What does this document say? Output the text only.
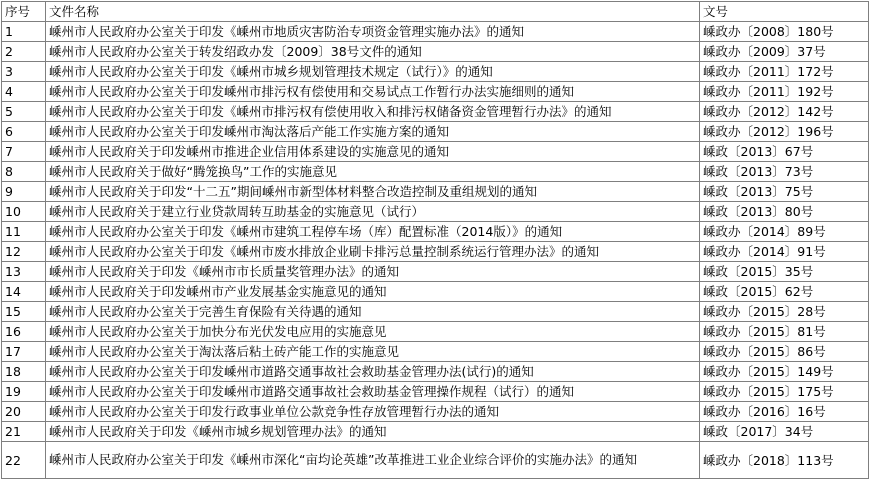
序号	文件名称	文号
1	嵊州市人民政府办公室关于印发《嵊州市地质灾害防治专项资金管理实施办法》的通知	嵊政办〔2008〕180号
2	嵊州市人民政府办公室关于转发绍政办发〔2009〕38号文件的通知	嵊政办〔2009〕37号
3	嵊州市人民政府办公室关于印发《嵊州市城乡规划管理技术规定（试行）》的通知	嵊政办〔2011〕172号
4	嵊州市人民政府办公室关于印发嵊州市排污权有偿使用和交易试点工作暂行办法实施细则的通知	嵊政办〔2011〕192号
5	嵊州市人民政府办公室关于印发《嵊州市排污权有偿使用收入和排污权储备资金管理暂行办法》的通知	嵊政办〔2012〕142号
6	嵊州市人民政府办公室关于印发嵊州市淘汰落后产能工作实施方案的通知	嵊政办〔2012〕196号
7	嵊州市人民政府关于印发嵊州市推进企业信用体系建设的实施意见的通知	嵊政〔2013〕67号
8	嵊州市人民政府关于做好“腾笼换鸟”工作的实施意见	嵊政〔2013〕73号
9	嵊州市人民政府关于印发“十二五”期间嵊州市新型体材料整合改造控制及重组规划的通知	嵊政〔2013〕75号
10	嵊州市人民政府关于建立行业贷款周转互助基金的实施意见（试行）	嵊政〔2013〕80号
11	嵊州市人民政府办公室关于印发《嵊州市建筑工程停车场（库）配置标准（2014版）》的通知	嵊政办〔2014〕89号
12	嵊州市人民政府办公室关于印发《嵊州市废水排放企业刷卡排污总量控制系统运行管理办法》的通知	嵊政办〔2014〕91号
13	嵊州市人民政府关于印发《嵊州市市长质量奖管理办法》的通知	嵊政〔2015〕35号
14	嵊州市人民政府关于印发嵊州市产业发展基金实施意见的通知	嵊政〔2015〕62号
15	嵊州市人民政府办公室关于完善生育保险有关待遇的通知	嵊政办〔2015〕28号
16	嵊州市人民政府办公室关于加快分布光伏发电应用的实施意见	嵊政办〔2015〕81号
17	嵊州市人民政府办公室关于淘汰落后粘土砖产能工作的实施意见	嵊政办〔2015〕86号
18	嵊州市人民政府办公室关于印发嵊州市道路交通事故社会救助基金管理办法(试行)的通知	嵊政办〔2015〕149号
19	嵊州市人民政府办公室关于印发嵊州市道路交通事故社会救助基金管理操作规程（试行）的通知	嵊政办〔2015〕175号
20	嵊州市人民政府办公室关于印发行政事业单位公款竞争性存放管理暂行办法的通知	嵊政办〔2016〕16号
21	嵊州市人民政府关于印发《嵊州市城乡规划管理办法》的通知	嵊政〔2017〕34号
22	嵊州市人民政府办公室关于印发《嵊州市深化“亩均论英雄”改革推进工业企业综合评价的实施办法》的通知	嵊政办〔2018〕113号
